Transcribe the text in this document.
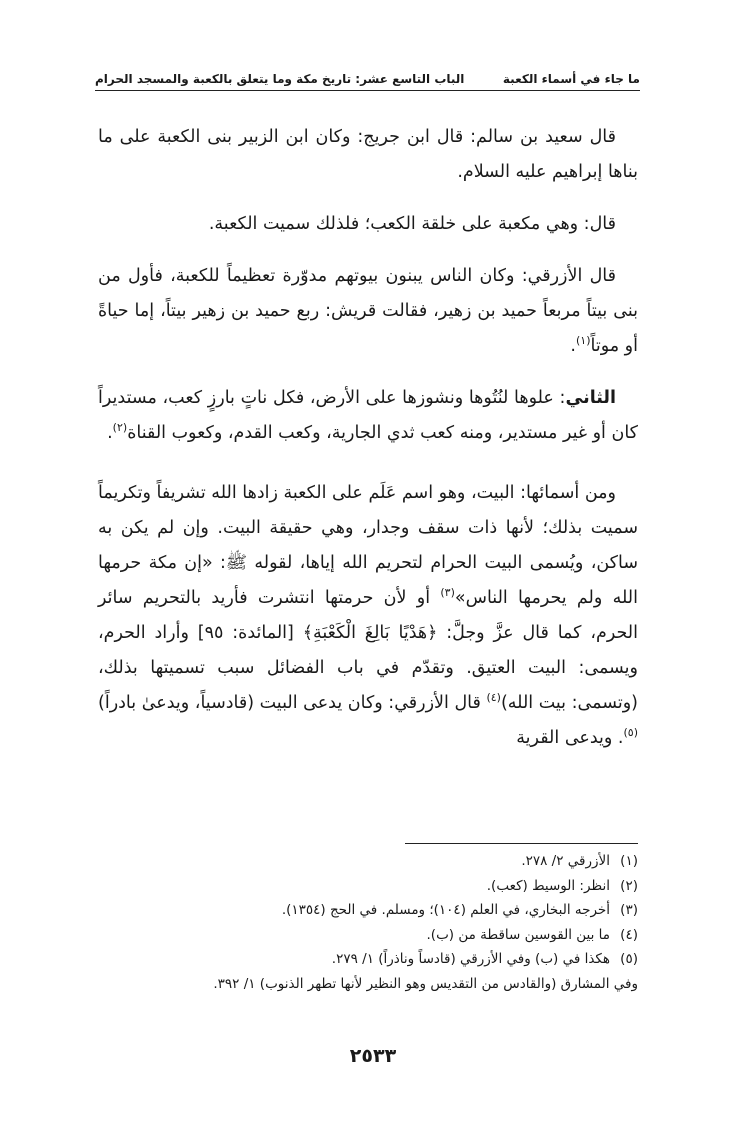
ما جاء في أسماء الكعبة
الباب التاسع عشر: تاريخ مكة وما يتعلق بالكعبة والمسجد الحرام

قال سعيد بن سالم: قال ابن جريج: وكان ابن الزبير بنى الكعبة على ما بناها إبراهيم عليه السلام.

قال: وهي مكعبة على خلقة الكعب؛ فلذلك سميت الكعبة.

قال الأزرقي: وكان الناس يبنون بيوتهم مدوّرة تعظيماً للكعبة، فأول من بنى بيتاً مربعاً حميد بن زهير، فقالت قريش: ربع حميد بن زهير بيتاً، إما حياةً أو موتاً$^{(١)}$.

الثاني: علوها لنُتُوها ونشوزها على الأرض، فكل ناتٍ بارزٍ كعب، مستديراً كان أو غير مستدير، ومنه كعب ثدي الجارية، وكعب القدم، وكعوب القناة$^{(٢)}$.

ومن أسمائها: البيت، وهو اسم عَلَم على الكعبة زادها الله تشريفاً وتكريماً سميت بذلك؛ لأنها ذات سقف وجدار، وهي حقيقة البيت. وإن لم يكن به ساكن، ويُسمى البيت الحرام لتحريم الله إياها، لقوله ﷺ: «إن مكة حرمها الله ولم يحرمها الناس»$^{(٣)}$ أو لأن حرمتها انتشرت فأريد بالتحريم سائر الحرم، كما قال عزَّ وجلَّ: ﴿هَدْيًا بَالِغَ الْكَعْبَةِ﴾ [المائدة: ٩٥] وأراد الحرم، ويسمى: البيت العتيق. وتقدّم في باب الفضائل سبب تسميتها بذلك، (وتسمى: بيت الله)$^{(٤)}$ قال الأزرقي: وكان يدعى البيت (قادسياً، ويدعىٰ بادراً)$^{(٥)}$. ويدعى القرية

(١)
الأزرقي ٢/ ٢٧٨.
(٢)
انظر: الوسيط (كعب).
(٣)
أخرجه البخاري، في العلم (١٠٤)؛ ومسلم. في الحج (١٣٥٤).
(٤)
ما بين القوسين ساقطة من (ب).
(٥)
هكذا في (ب) وفي الأزرقي (قادساً وناذراً) ١/ ٢٧٩.
وفي المشارق (والقادس من التقديس وهو النظير لأنها تطهر الذنوب) ١/ ٣٩٢.
٢٥٣٣
